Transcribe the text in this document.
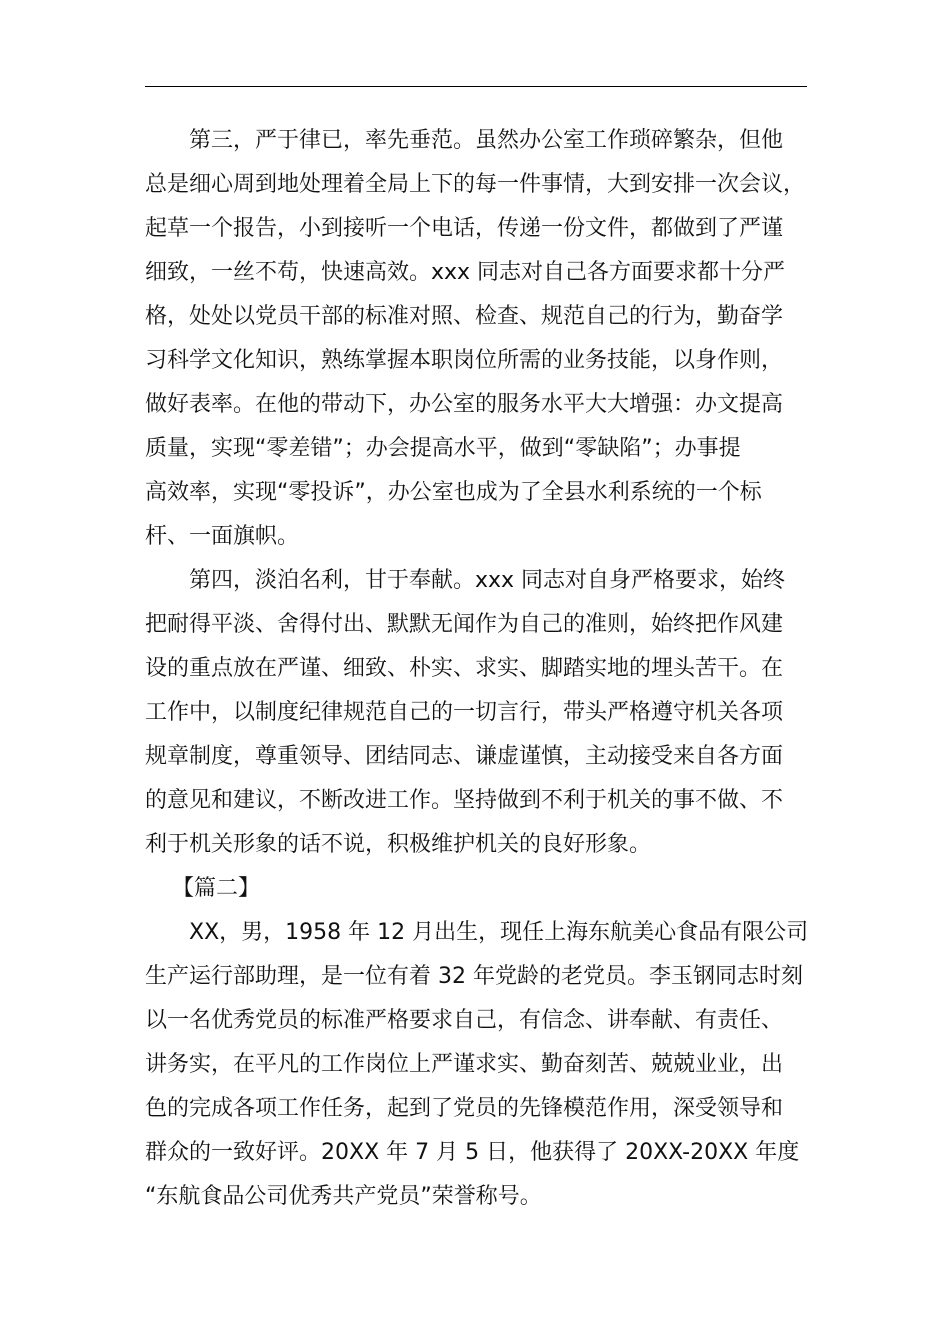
第三，严于律已，率先垂范。虽然办公室工作琐碎繁杂，但他
总是细心周到地处理着全局上下的每一件事情，大到安排一次会议，
起草一个报告，小到接听一个电话，传递一份文件，都做到了严谨
细致，一丝不苟，快速高效。xxx 同志对自己各方面要求都十分严
格，处处以党员干部的标准对照、检查、规范自己的行为，勤奋学
习科学文化知识，熟练掌握本职岗位所需的业务技能，以身作则，
做好表率。在他的带动下，办公室的服务水平大大增强：办文提高
质量，实现“零差错”；办会提高水平，做到“零缺陷”；办事提
高效率，实现“零投诉”，办公室也成为了全县水利系统的一个标
杆、一面旗帜。
第四，淡泊名利，甘于奉献。xxx 同志对自身严格要求，始终
把耐得平淡、舍得付出、默默无闻作为自己的准则，始终把作风建
设的重点放在严谨、细致、朴实、求实、脚踏实地的埋头苦干。在
工作中，以制度纪律规范自己的一切言行，带头严格遵守机关各项
规章制度，尊重领导、团结同志、谦虚谨慎，主动接受来自各方面
的意见和建议，不断改进工作。坚持做到不利于机关的事不做、不
利于机关形象的话不说，积极维护机关的良好形象。
【篇二】
XX，男，1958 年 12 月出生，现任上海东航美心食品有限公司
生产运行部助理，是一位有着 32 年党龄的老党员。李玉钢同志时刻
以一名优秀党员的标准严格要求自己，有信念、讲奉献、有责任、
讲务实，在平凡的工作岗位上严谨求实、勤奋刻苦、兢兢业业，出
色的完成各项工作任务，起到了党员的先锋模范作用，深受领导和
群众的一致好评。20XX 年 7 月 5 日，他获得了 20XX-20XX 年度
“东航食品公司优秀共产党员”荣誉称号。
